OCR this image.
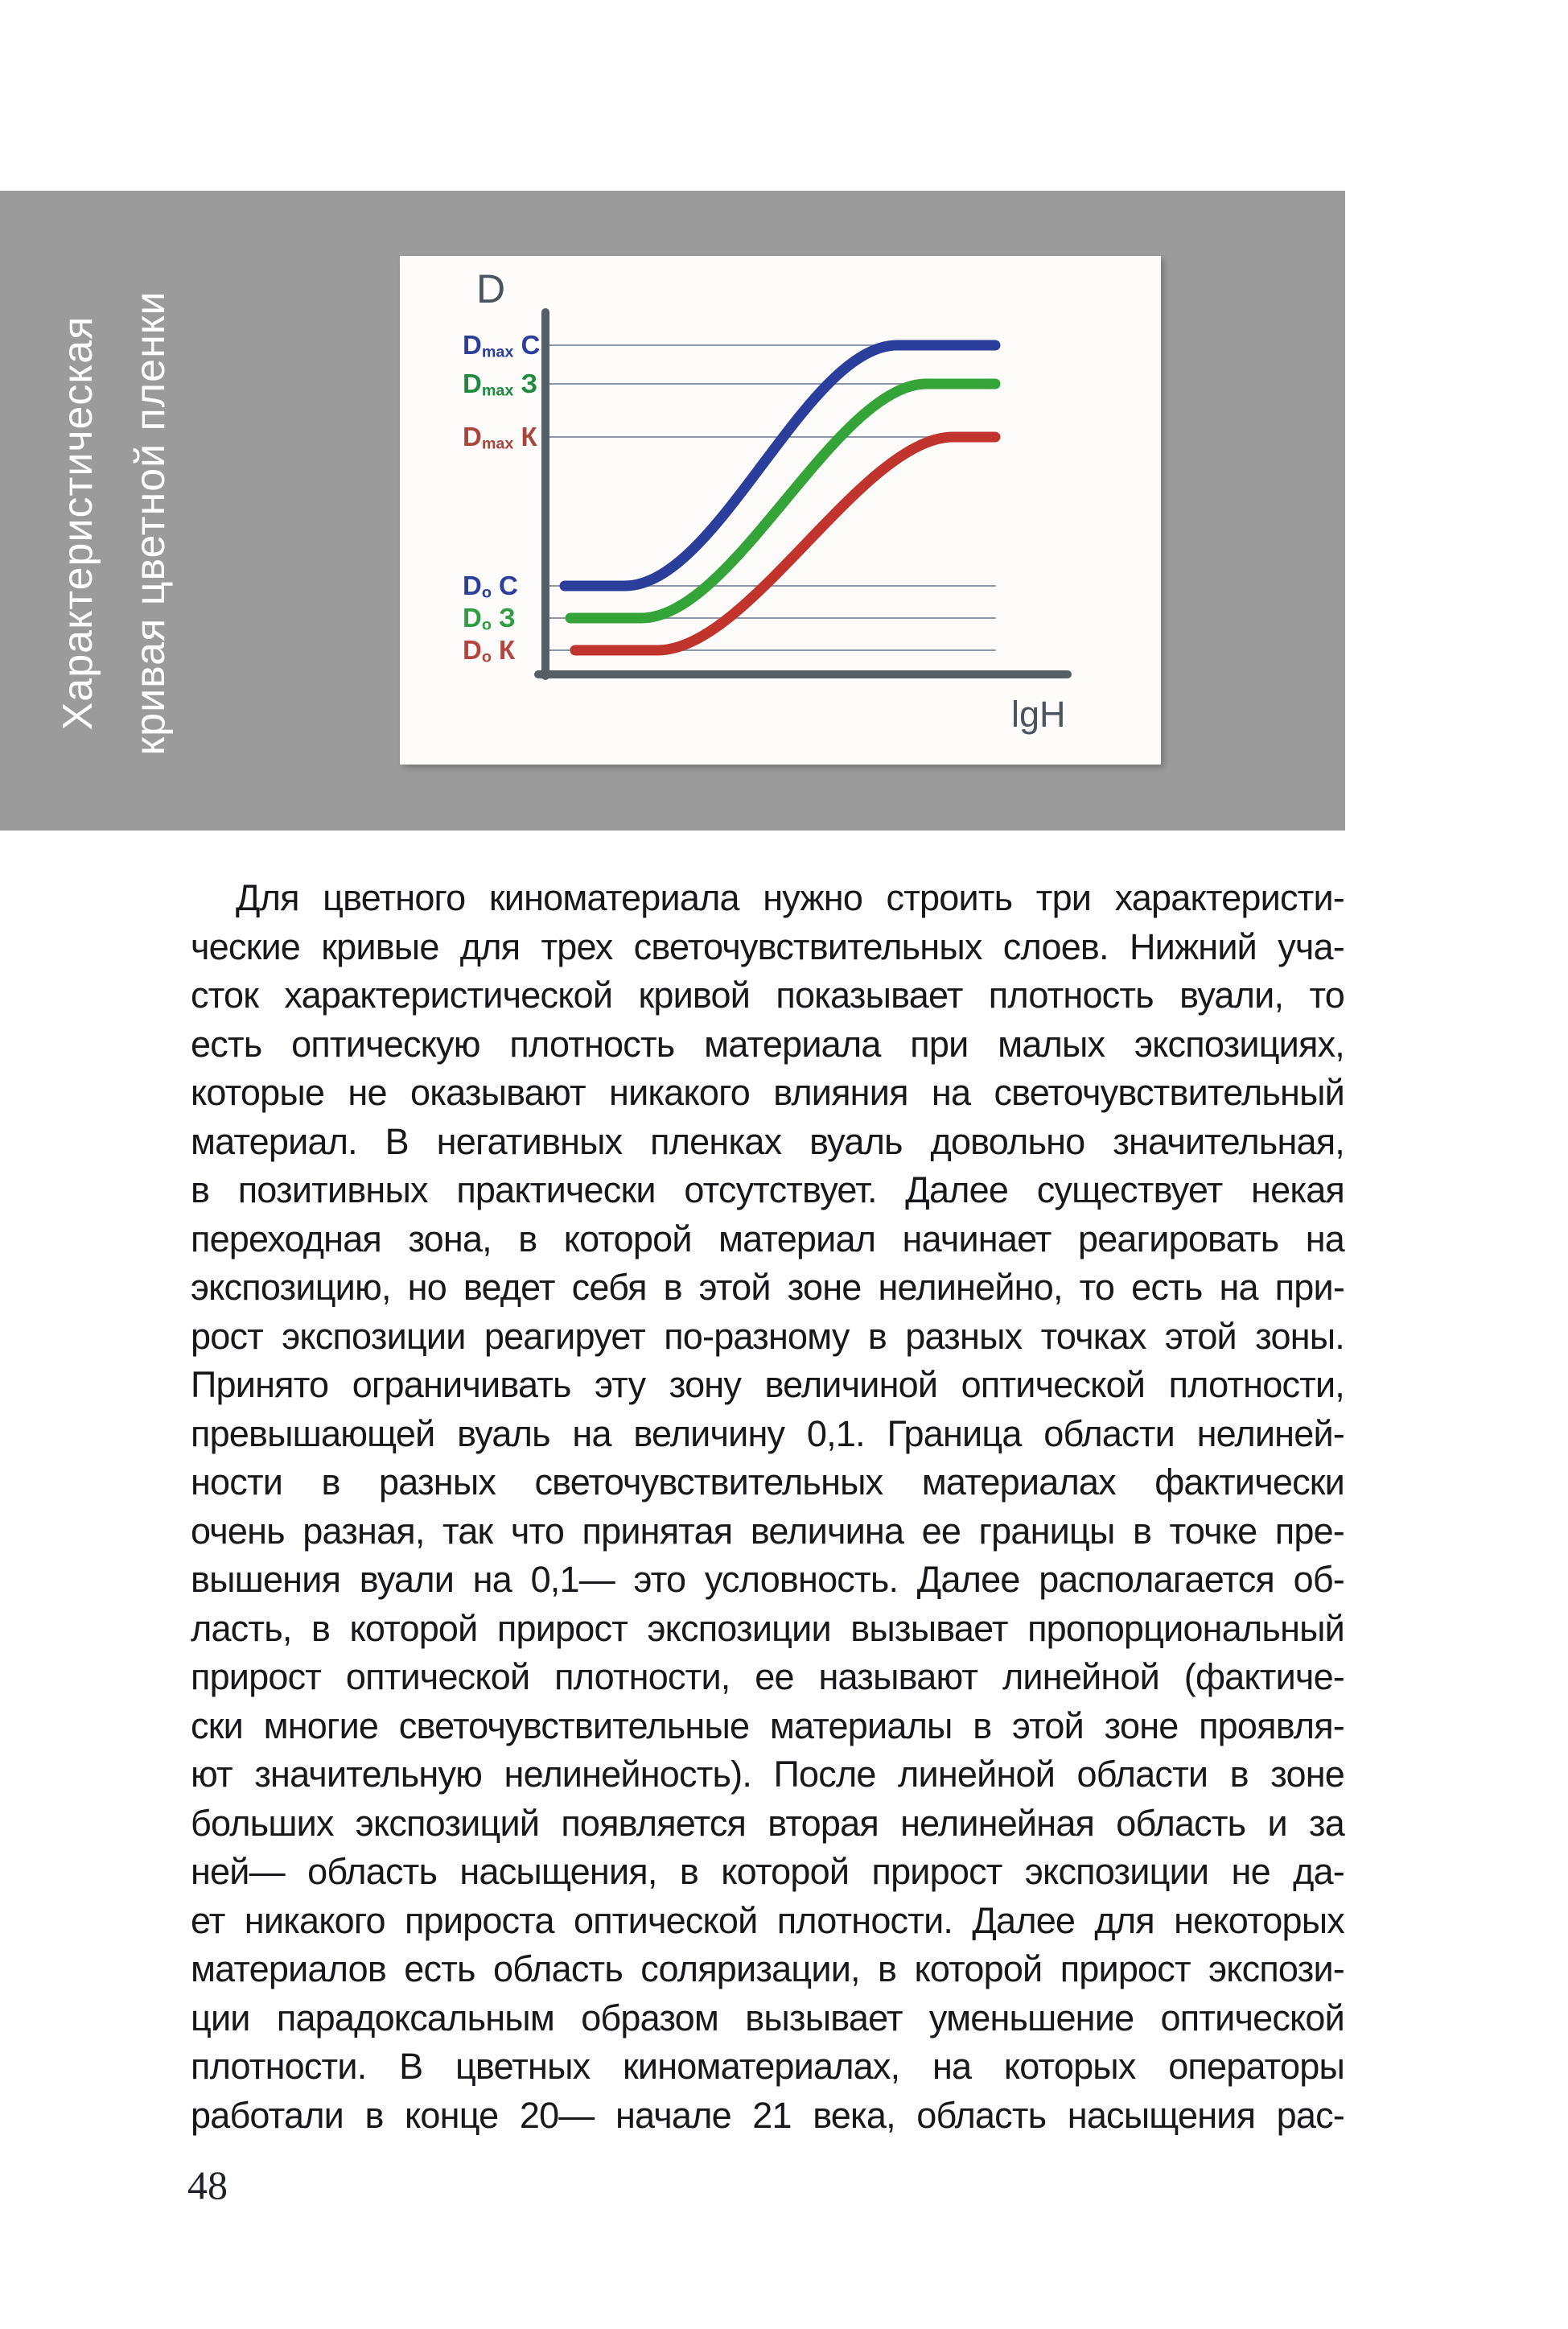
Характеристическая кривая цветной пленки
D
lgH
$D_{max}$ С
$D_o$ С
$D_{max}$ З
$D_o$ З
$D_{max}$ К
$D_o$ К
Для цветного киноматериала нужно строить три характеристи-
ческие кривые для трех светочувствительных слоев. Нижний уча-
сток характеристической кривой показывает плотность вуали, то
есть оптическую плотность материала при малых экспозициях,
которые не оказывают никакого влияния на светочувствительный
материал. В негативных пленках вуаль довольно значительная,
в позитивных практически отсутствует. Далее существует некая
переходная зона, в которой материал начинает реагировать на
экспозицию, но ведет себя в этой зоне нелинейно, то есть на при-
рост экспозиции реагирует по-разному в разных точках этой зоны.
Принято ограничивать эту зону величиной оптической плотности,
превышающей вуаль на величину 0,1. Граница области нелиней-
ности в разных светочувствительных материалах фактически
очень разная, так что принятая величина ее границы в точке пре-
вышения вуали на 0,1— это условность. Далее располагается об-
ласть, в которой прирост экспозиции вызывает пропорциональный
прирост оптической плотности, ее называют линейной (фактиче-
ски многие светочувствительные материалы в этой зоне проявля-
ют значительную нелинейность). После линейной области в зоне
больших экспозиций появляется вторая нелинейная область и за
ней— область насыщения, в которой прирост экспозиции не да-
ет никакого прироста оптической плотности. Далее для некоторых
материалов есть область соляризации, в которой прирост экспози-
ции парадоксальным образом вызывает уменьшение оптической
плотности. В цветных киноматериалах, на которых операторы
работали в конце 20— начале 21 века, область насыщения рас-
48
